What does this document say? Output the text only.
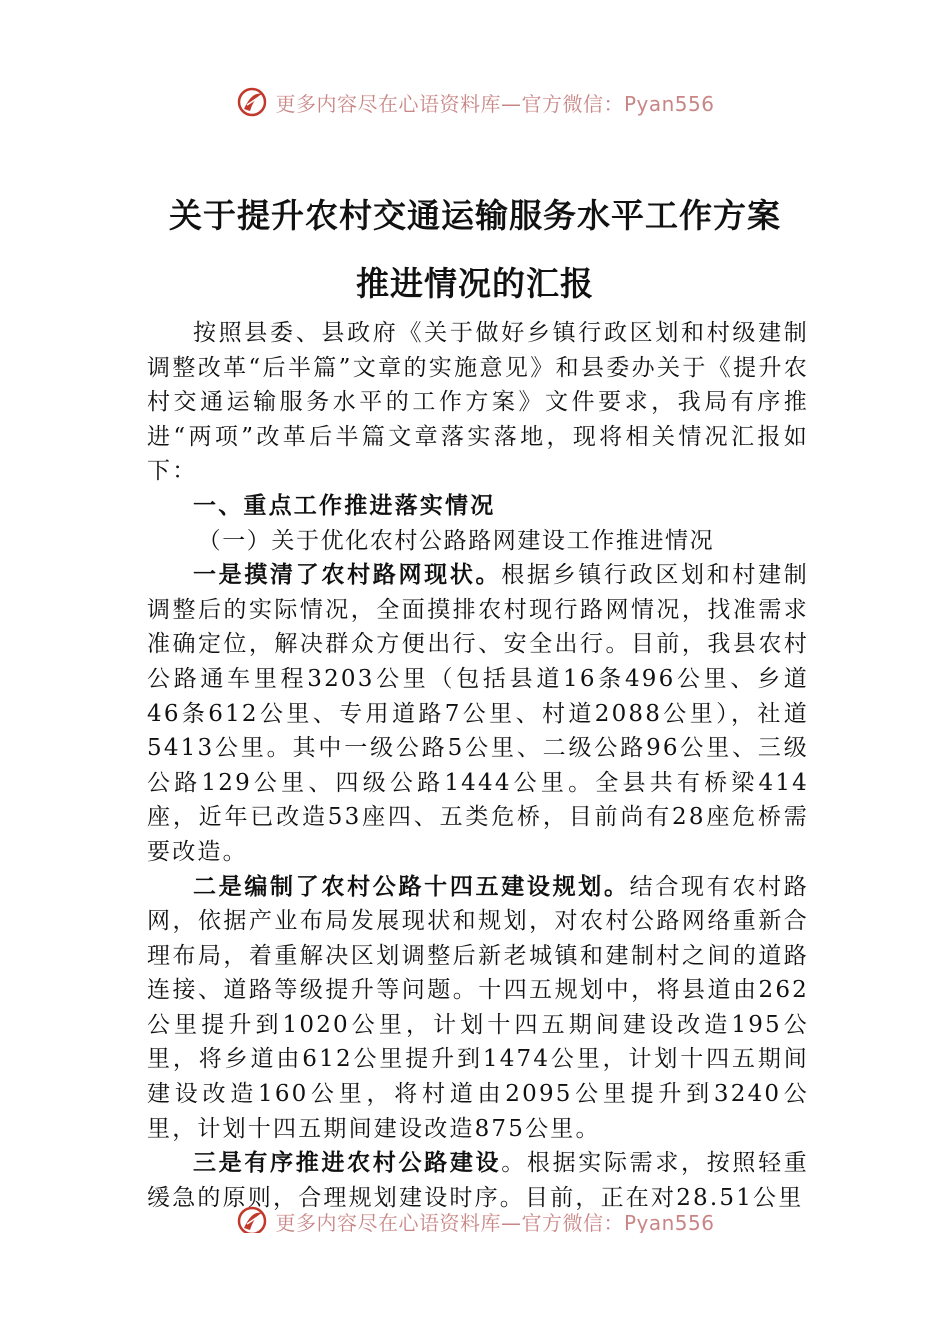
更多内容尽在心语资料库—官方微信：Pyan556
关于提升农村交通运输服务水平工作方案
推进情况的汇报

按照县委、县政府《关于做好乡镇行政区划和村级建制调整改革“后半篇”文章的实施意见》和县委办关于《提升农村交通运输服务水平的工作方案》文件要求，我局有序推进“两项”改革后半篇文章落实落地，现将相关情况汇报如下：

一、重点工作推进落实情况

（一）关于优化农村公路路网建设工作推进情况

一是摸清了农村路网现状。根据乡镇行政区划和村建制调整后的实际情况，全面摸排农村现行路网情况，找准需求准确定位，解决群众方便出行、安全出行。目前，我县农村公路通车里程3203公里（包括县道16条496公里、乡道46条612公里、专用道路7公里、村道2088公里），社道5413公里。其中一级公路5公里、二级公路96公里、三级公路129公里、四级公路1444公里。全县共有桥梁414座，近年已改造53座四、五类危桥，目前尚有28座危桥需要改造。

二是编制了农村公路十四五建设规划。结合现有农村路网，依据产业布局发展现状和规划，对农村公路网络重新合理布局，着重解决区划调整后新老城镇和建制村之间的道路连接、道路等级提升等问题。十四五规划中，将县道由262公里提升到1020公里，计划十四五期间建设改造195公里，将乡道由612公里提升到1474公里，计划十四五期间建设改造160公里，将村道由2095公里提升到3240公里，计划十四五期间建设改造875公里。

三是有序推进农村公路建设。根据实际需求，按照轻重缓急的原则，合理规划建设时序。目前，正在对28.51公里

更多内容尽在心语资料库—官方微信：Pyan556
